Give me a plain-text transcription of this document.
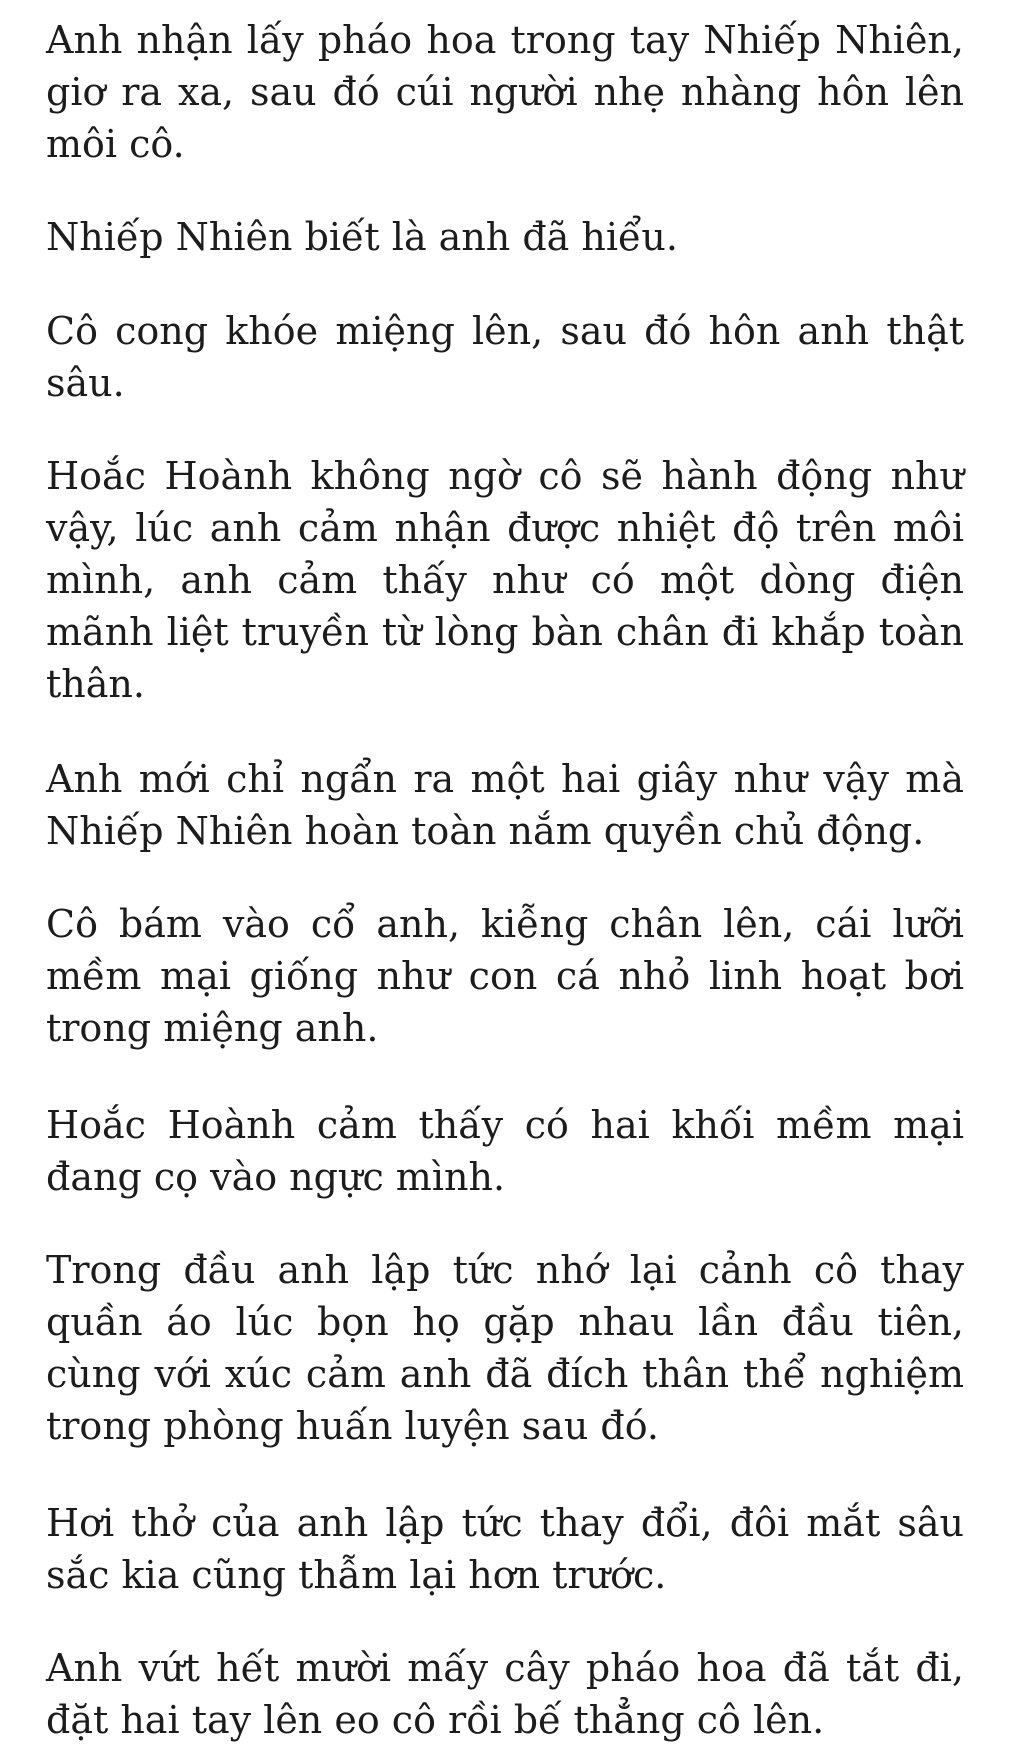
Anh nhận lấy pháo hoa trong tay Nhiếp Nhiên, giơ ra xa, sau đó cúi người nhẹ nhàng hôn lên môi cô.

Nhiếp Nhiên biết là anh đã hiểu.

Cô cong khóe miệng lên, sau đó hôn anh thật sâu.

Hoắc Hoành không ngờ cô sẽ hành động như vậy, lúc anh cảm nhận được nhiệt độ trên môi mình, anh cảm thấy như có một dòng điện mãnh liệt truyền từ lòng bàn chân đi khắp toàn thân.

Anh mới chỉ ngẩn ra một hai giây như vậy mà Nhiếp Nhiên hoàn toàn nắm quyền chủ động.

Cô bám vào cổ anh, kiễng chân lên, cái lưỡi mềm mại giống như con cá nhỏ linh hoạt bơi trong miệng anh.

Hoắc Hoành cảm thấy có hai khối mềm mại đang cọ vào ngực mình.

Trong đầu anh lập tức nhớ lại cảnh cô thay quần áo lúc bọn họ gặp nhau lần đầu tiên, cùng với xúc cảm anh đã đích thân thể nghiệm trong phòng huấn luyện sau đó.

Hơi thở của anh lập tức thay đổi, đôi mắt sâu sắc kia cũng thẫm lại hơn trước.

Anh vứt hết mười mấy cây pháo hoa đã tắt đi, đặt hai tay lên eo cô rồi bế thẳng cô lên.
